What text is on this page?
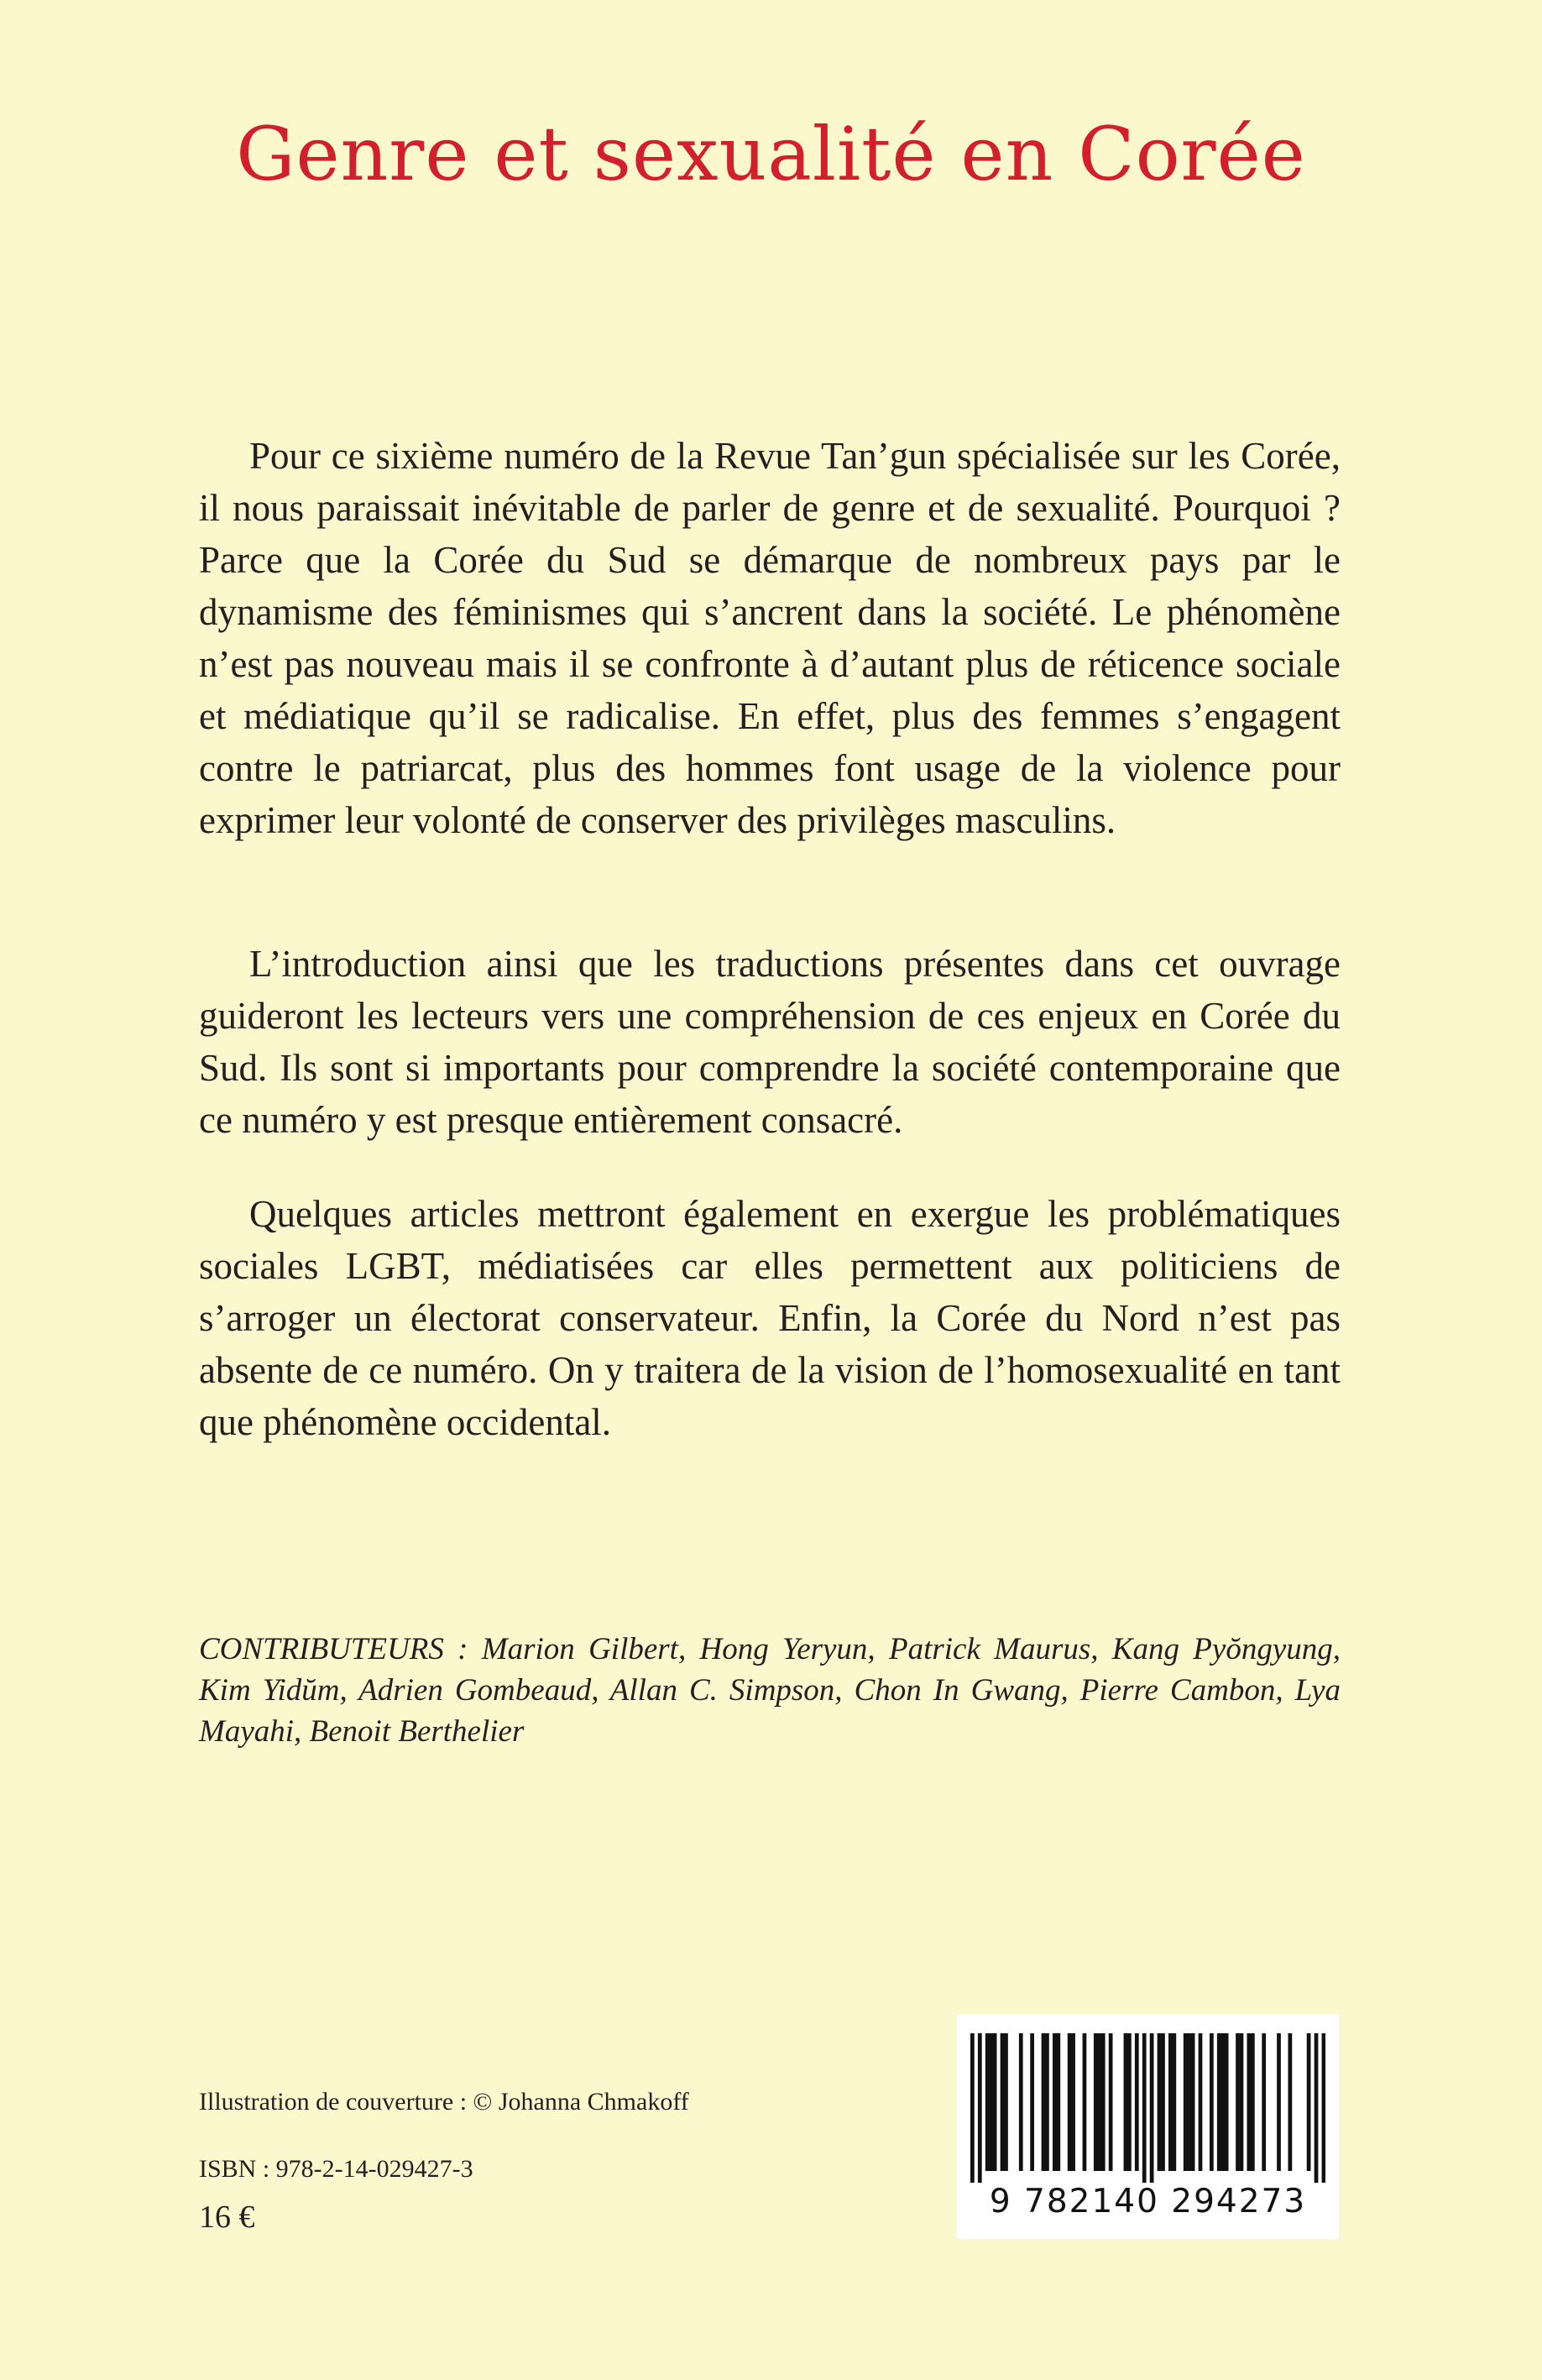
Genre et sexualité en Corée

Pour ce sixième numéro de la Revue Tan’gun spécialisée sur les Corée, il nous paraissait inévitable de parler de genre et de sexualité. Pourquoi ? Parce que la Corée du Sud se démarque de nombreux pays par le dynamisme des féminismes qui s’ancrent dans la société. Le phénomène n’est pas nouveau mais il se confronte à d’autant plus de réticence sociale et médiatique qu’il se radicalise. En effet, plus des femmes s’engagent contre le patriarcat, plus des hommes font usage de la violence pour exprimer leur volonté de conserver des privilèges masculins.

L’introduction ainsi que les traductions présentes dans cet ouvrage guideront les lecteurs vers une compréhension de ces enjeux en Corée du Sud. Ils sont si importants pour comprendre la société contemporaine que ce numéro y est presque entièrement consacré.

Quelques articles mettront également en exergue les problématiques sociales LGBT, médiatisées car elles permettent aux politiciens de s’arroger un électorat conservateur. Enfin, la Corée du Nord n’est pas absente de ce numéro. On y traitera de la vision de l’homosexualité en tant que phénomène occidental.

CONTRIBUTEURS : Marion Gilbert, Hong Yeryun, Patrick Maurus, Kang Pyŏngyung, Kim Yidŭm, Adrien Gombeaud, Allan C. Simpson, Chon In Gwang, Pierre Cambon, Lya Mayahi, Benoit Berthelier
Illustration de couverture : © Johanna Chmakoff
ISBN : 978-2-14-029427-3
16 €	9 782140 294273
